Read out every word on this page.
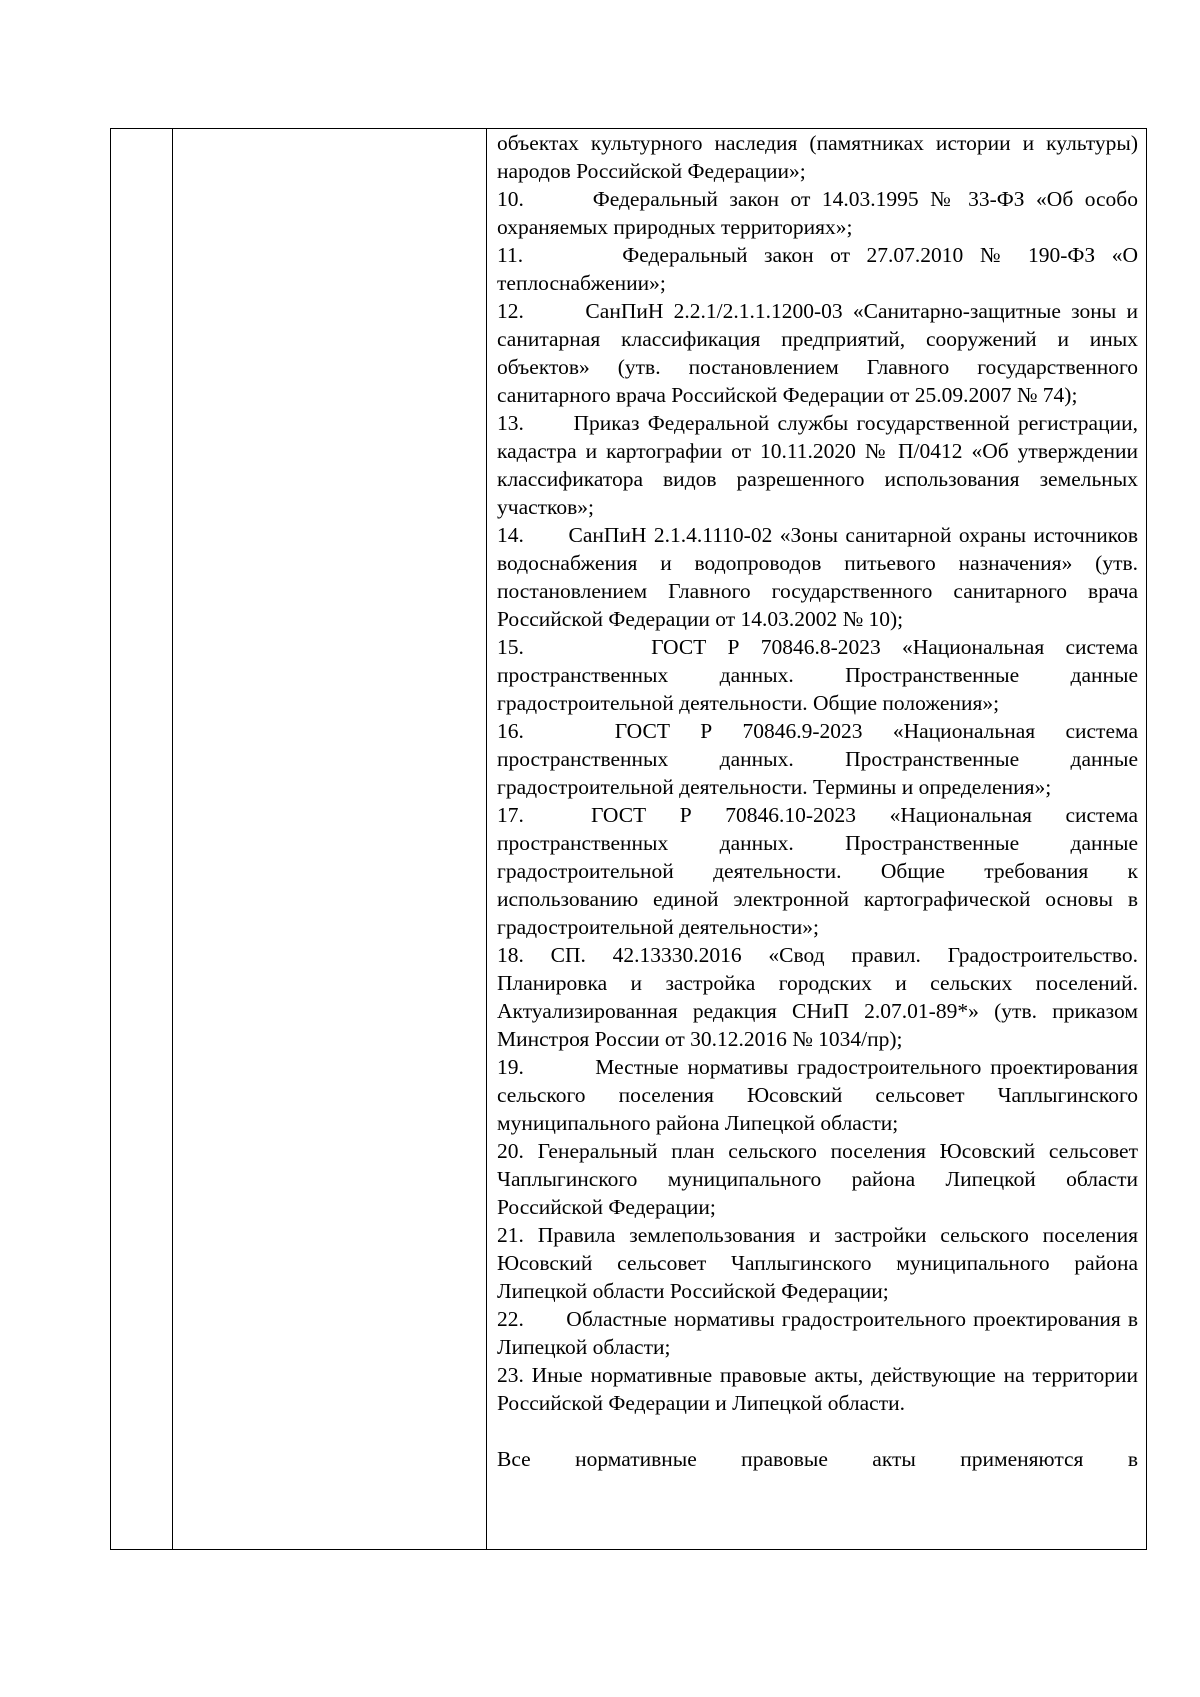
объектах культурного наследия (памятниках истории и культуры) народов Российской Федерации»;

10.      Федеральный закон от 14.03.1995 № 33-ФЗ «Об особо охраняемых природных территориях»;

11.      Федеральный закон от 27.07.2010 № 190-ФЗ «О теплоснабжении»;

12.      СанПиН 2.2.1/2.1.1.1200-03 «Санитарно-защитные зоны и санитарная классификация предприятий, сооружений и иных объектов» (утв. постановлением Главного государственного санитарного врача Российской Федерации от 25.09.2007 № 74);

13.      Приказ Федеральной службы государственной регистрации, кадастра и картографии от 10.11.2020 № П/0412 «Об утверждении классификатора видов разрешенного использования земельных участков»;

14.      СанПиН 2.1.4.1110-02 «Зоны санитарной охраны источников водоснабжения и водопроводов питьевого назначения» (утв. постановлением Главного государственного санитарного врача Российской Федерации от 14.03.2002 № 10);

15.      ГОСТ Р 70846.8-2023 «Национальная система пространственных данных. Пространственные данные градостроительной деятельности. Общие положения»;

16.   ГОСТ Р 70846.9-2023 «Национальная система пространственных данных. Пространственные данные градостроительной деятельности. Термины и определения»;

17.  ГОСТ Р 70846.10-2023 «Национальная система пространственных данных. Пространственные данные градостроительной деятельности. Общие требования к использованию единой электронной картографической основы в градостроительной деятельности»;

18. СП. 42.13330.2016 «Свод правил. Градостроительство. Планировка и застройка городских и сельских поселений. Актуализированная редакция СНиП 2.07.01-89*» (утв. приказом Минстроя России от 30.12.2016 № 1034/пр);

19.        Местные нормативы градостроительного проектирования сельского поселения Юсовский сельсовет Чаплыгинского муниципального района Липецкой области;

20. Генеральный план сельского поселения Юсовский сельсовет Чаплыгинского муниципального района Липецкой области Российской Федерации;

21. Правила землепользования и застройки сельского поселения Юсовский сельсовет Чаплыгинского муниципального района Липецкой области Российской Федерации;

22.      Областные нормативы градостроительного проектирования в Липецкой области;

23. Иные нормативные правовые акты, действующие на территории Российской Федерации и Липецкой области.

Все нормативные правовые акты применяются в
